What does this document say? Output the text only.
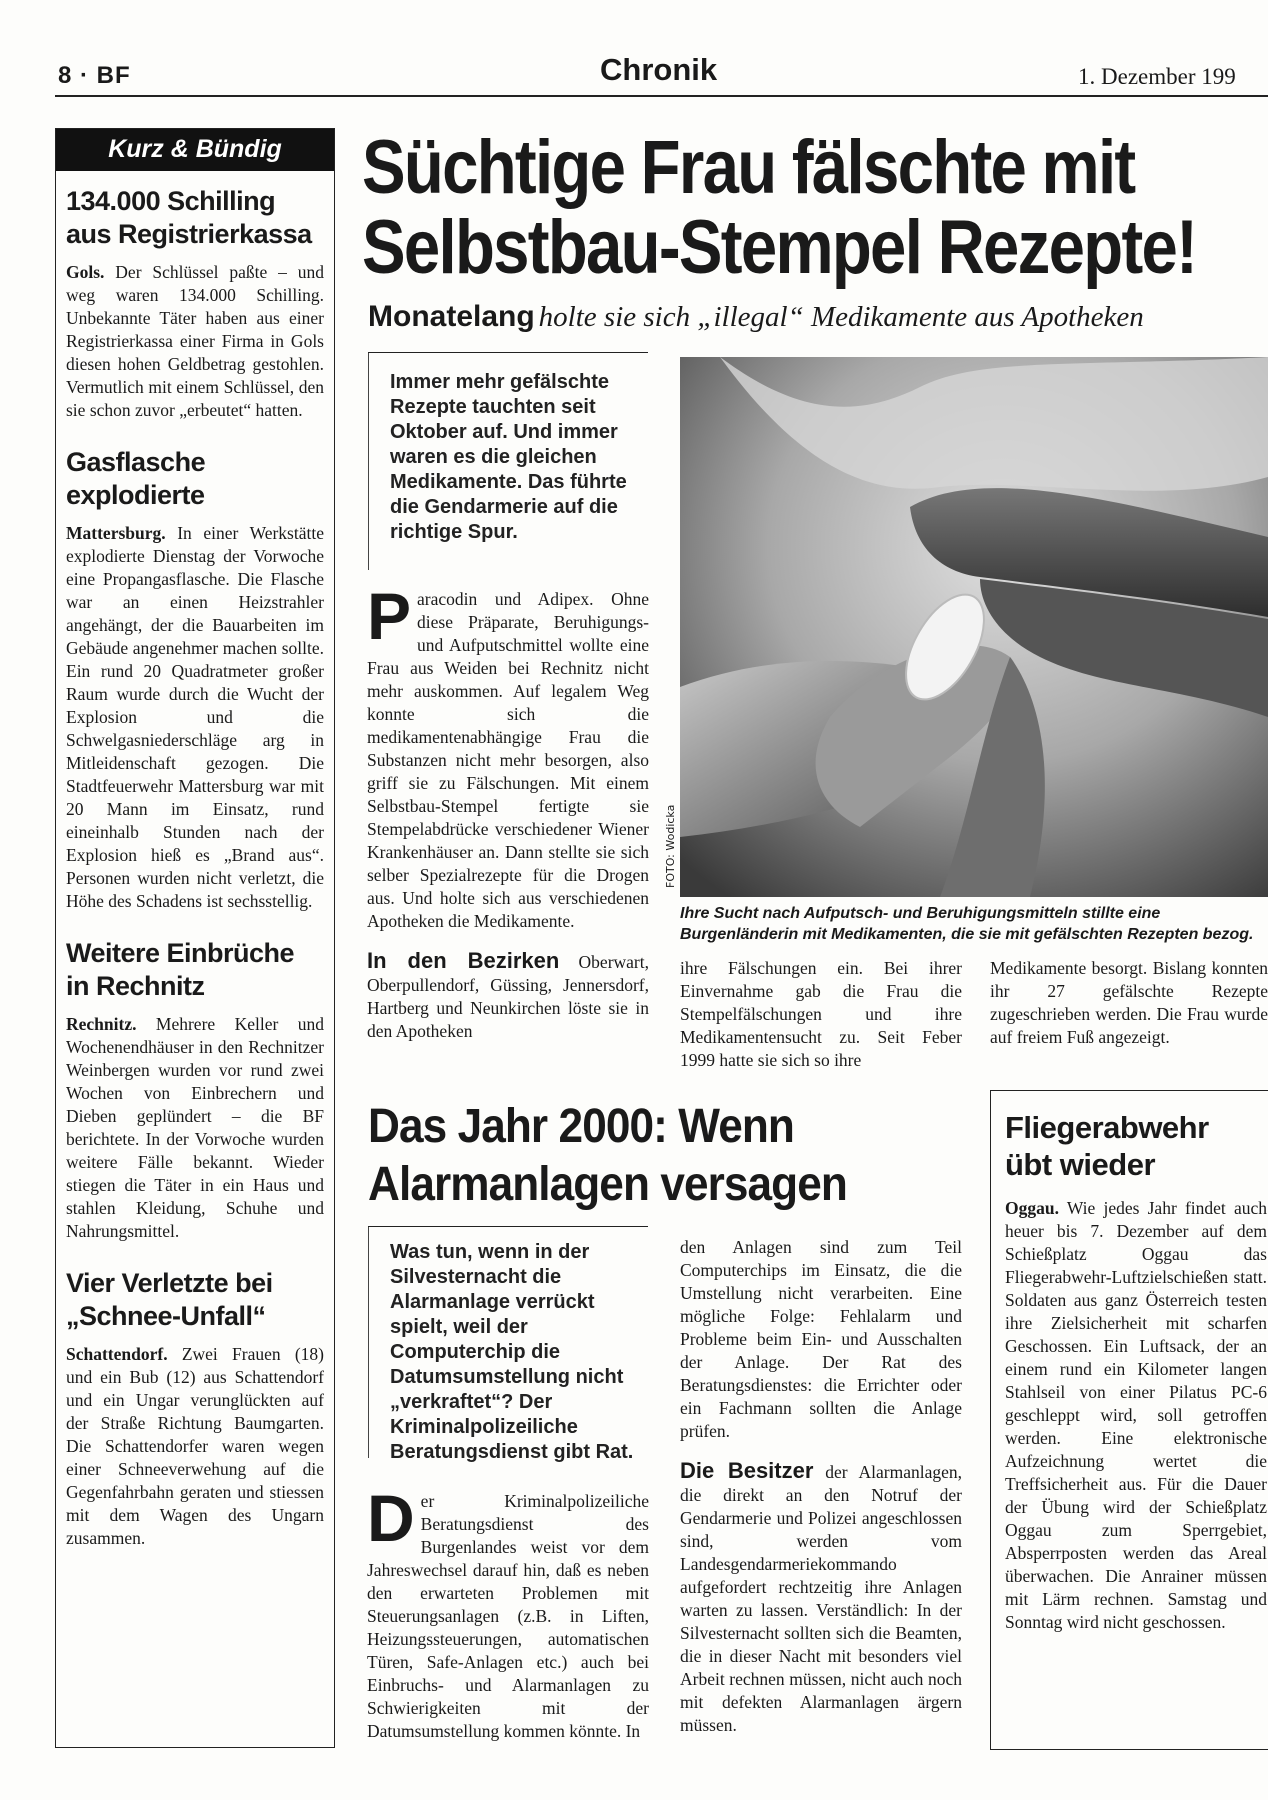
8 · BF	Chronik	1. Dezember 199
Kurz & Bündig
134.000 Schilling aus Registrierkassa

Gols. Der Schlüssel paßte – und weg waren 134.000 Schilling. Unbekannte Täter haben aus einer Registrierkassa einer Firma in Gols diesen hohen Geldbetrag gestohlen. Vermutlich mit einem Schlüssel, den sie schon zuvor „erbeutet“ hatten.

Gasflasche explodierte

Mattersburg. In einer Werkstätte explodierte Dienstag der Vorwoche eine Propangasflasche. Die Flasche war an einen Heizstrahler angehängt, der die Bauarbeiten im Gebäude angenehmer machen sollte. Ein rund 20 Quadratmeter großer Raum wurde durch die Wucht der Explosion und die Schwelgasniederschläge arg in Mitleidenschaft gezogen. Die Stadtfeuerwehr Mattersburg war mit 20 Mann im Einsatz, rund eineinhalb Stunden nach der Explosion hieß es „Brand aus“. Personen wurden nicht verletzt, die Höhe des Schadens ist sechsstellig.

Weitere Einbrüche in Rechnitz

Rechnitz. Mehrere Keller und Wochenendhäuser in den Rechnitzer Weinbergen wurden vor rund zwei Wochen von Einbrechern und Dieben geplündert – die BF berichtete. In der Vorwoche wurden weitere Fälle bekannt. Wieder stiegen die Täter in ein Haus und stahlen Kleidung, Schuhe und Nahrungsmittel.

Vier Verletzte bei „Schnee-Unfall“

Schattendorf. Zwei Frauen (18) und ein Bub (12) aus Schattendorf und ein Ungar verunglückten auf der Straße Richtung Baumgarten. Die Schattendorfer waren wegen einer Schneeverwehung auf die Gegenfahrbahn geraten und stiessen mit dem Wagen des Ungarn zusammen.

Süchtige Frau fälschte mit
Selbstbau-Stempel Rezepte!
Monatelang holte sie sich „illegal“ Medikamente aus Apotheken

Immer mehr gefälschte Rezepte tauchten seit Oktober auf. Und immer waren es die gleichen Medikamente. Das führte die Gendarmerie auf die richtige Spur.

Paracodin und Adipex. Ohne diese Präparate, Beruhigungs- und Aufputschmittel wollte eine Frau aus Weiden bei Rechnitz nicht mehr auskommen. Auf legalem Weg konnte sich die medikamentenabhängige Frau die Substanzen nicht mehr besorgen, also griff sie zu Fälschungen. Mit einem Selbstbau-Stempel fertigte sie Stempelabdrücke verschiedener Wiener Krankenhäuser an. Dann stellte sie sich selber Spezialrezepte für die Drogen aus. Und holte sich aus verschiedenen Apotheken die Medikamente.
In den Bezirken Oberwart, Oberpullendorf, Güssing, Jennersdorf, Hartberg und Neunkirchen löste sie in den Apotheken
FOTO: Wodicka

Ihre Sucht nach Aufputsch- und Beruhigungsmitteln stillte eine Burgenländerin mit Medikamenten, die sie mit gefälschten Rezepten bezog.

ihre Fälschungen ein. Bei ihrer Einvernahme gab die Frau die Stempelfälschungen und ihre Medikamentensucht zu. Seit Feber 1999 hatte sie sich so ihre

Medikamente besorgt. Bislang konnten ihr 27 gefälschte Rezepte zugeschrieben werden. Die Frau wurde auf freiem Fuß angezeigt.

Das Jahr 2000: Wenn
Alarmanlagen versagen

Was tun, wenn in der Silvesternacht die Alarmanlage verrückt spielt, weil der Computerchip die Datumsumstellung nicht „verkraftet“? Der Kriminalpolizeiliche Beratungsdienst gibt Rat.

Der Kriminalpolizeiliche Beratungsdienst des Burgenlandes weist vor dem Jahreswechsel darauf hin, daß es neben den erwarteten Problemen mit Steuerungsanlagen (z.B. in Liften, Heizungssteuerungen, automatischen Türen, Safe-Anlagen etc.) auch bei Einbruchs- und Alarmanlagen zu Schwierigkeiten mit der Datumsumstellung kommen könnte. In
den Anlagen sind zum Teil Computerchips im Einsatz, die die Umstellung nicht verarbeiten. Eine mögliche Folge: Fehlalarm und Probleme beim Ein- und Ausschalten der Anlage. Der Rat des Beratungsdienstes: die Errichter oder ein Fachmann sollten die Anlage prüfen.
Die Besitzer der Alarmanlagen, die direkt an den Notruf der Gendarmerie und Polizei angeschlossen sind, werden vom Landesgendarmeriekommando aufgefordert rechtzeitig ihre Anlagen warten zu lassen. Verständlich: In der Silvesternacht sollten sich die Beamten, die in dieser Nacht mit besonders viel Arbeit rechnen müssen, nicht auch noch mit defekten Alarmanlagen ärgern müssen.
Fliegerabwehr übt wieder

Oggau. Wie jedes Jahr findet auch heuer bis 7. Dezember auf dem Schießplatz Oggau das Fliegerabwehr-Luftzielschießen statt. Soldaten aus ganz Österreich testen ihre Zielsicherheit mit scharfen Geschossen. Ein Luftsack, der an einem rund ein Kilometer langen Stahlseil von einer Pilatus PC-6 geschleppt wird, soll getroffen werden. Eine elektronische Aufzeichnung wertet die Treffsicherheit aus. Für die Dauer der Übung wird der Schießplatz Oggau zum Sperrgebiet, Absperrposten werden das Areal überwachen. Die Anrainer müssen mit Lärm rechnen. Samstag und Sonntag wird nicht geschossen.
